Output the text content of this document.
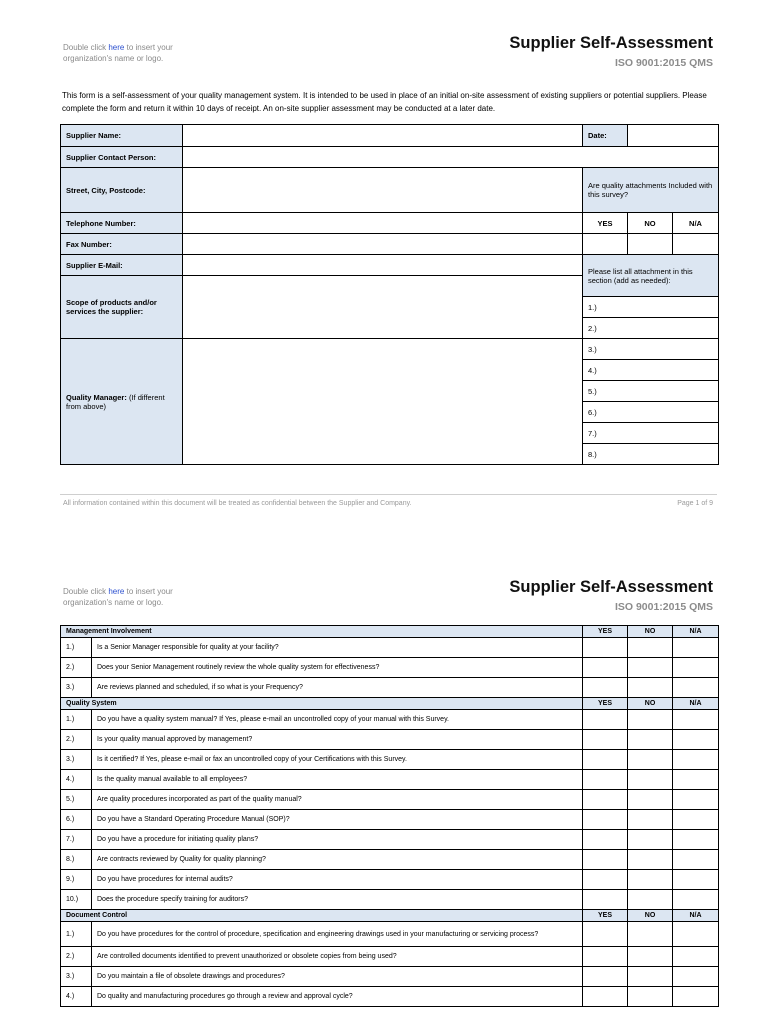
Double click here to insert your organization's name or logo.
Supplier Self-Assessment
ISO 9001:2015 QMS
This form is a self-assessment of your quality management system. It is intended to be used in place of an initial on-site assessment of existing suppliers or potential suppliers. Please complete the form and return it within 10 days of receipt. An on-site supplier assessment may be conducted at a later date.
Supplier Name:		Date:		
Supplier Contact Person:				
Street, City, Postcode:		Are quality attachments Included with this survey?		
Telephone Number:		YES	NO	N/A
Fax Number:				
Supplier E-Mail:		Please list all attachment in this section (add as needed):		
Scope of products and/or services the supplier:				
		1.)		
		2.)		
Quality Manager: (If different from above)		3.)		
		4.)		
		5.)		
		6.)		
		7.)		
		8.)		
All information contained within this document will be treated as confidential between the Supplier and Company.	Page 1 of 9
Double click here to insert your organization's name or logo.
Supplier Self-Assessment
ISO 9001:2015 QMS
Management Involvement		YES	NO	N/A
1.)	Is a Senior Manager responsible for quality at your facility?			
2.)	Does your Senior Management routinely review the whole quality system for effectiveness?			
3.)	Are reviews planned and scheduled, if so what is your Frequency?			
Quality System		YES	NO	N/A
1.)	Do you have a quality system manual? If Yes, please e-mail an uncontrolled copy of your manual with this Survey.			
2.)	Is your quality manual approved by management?			
3.)	Is it certified? If Yes, please e-mail or fax an uncontrolled copy of your Certifications with this Survey.			
4.)	Is the quality manual available to all employees?			
5.)	Are quality procedures incorporated as part of the quality manual?			
6.)	Do you have a Standard Operating Procedure Manual (SOP)?			
7.)	Do you have a procedure for initiating quality plans?			
8.)	Are contracts reviewed by Quality for quality planning?			
9.)	Do you have procedures for internal audits?			
10.)	Does the procedure specify training for auditors?			
Document Control		YES	NO	N/A
1.)	Do you have procedures for the control of procedure, specification and engineering drawings used in your manufacturing or servicing process?			
2.)	Are controlled documents identified to prevent unauthorized or obsolete copies from being used?			
3.)	Do you maintain a file of obsolete drawings and procedures?			
4.)	Do quality and manufacturing procedures go through a review and approval cycle?			
